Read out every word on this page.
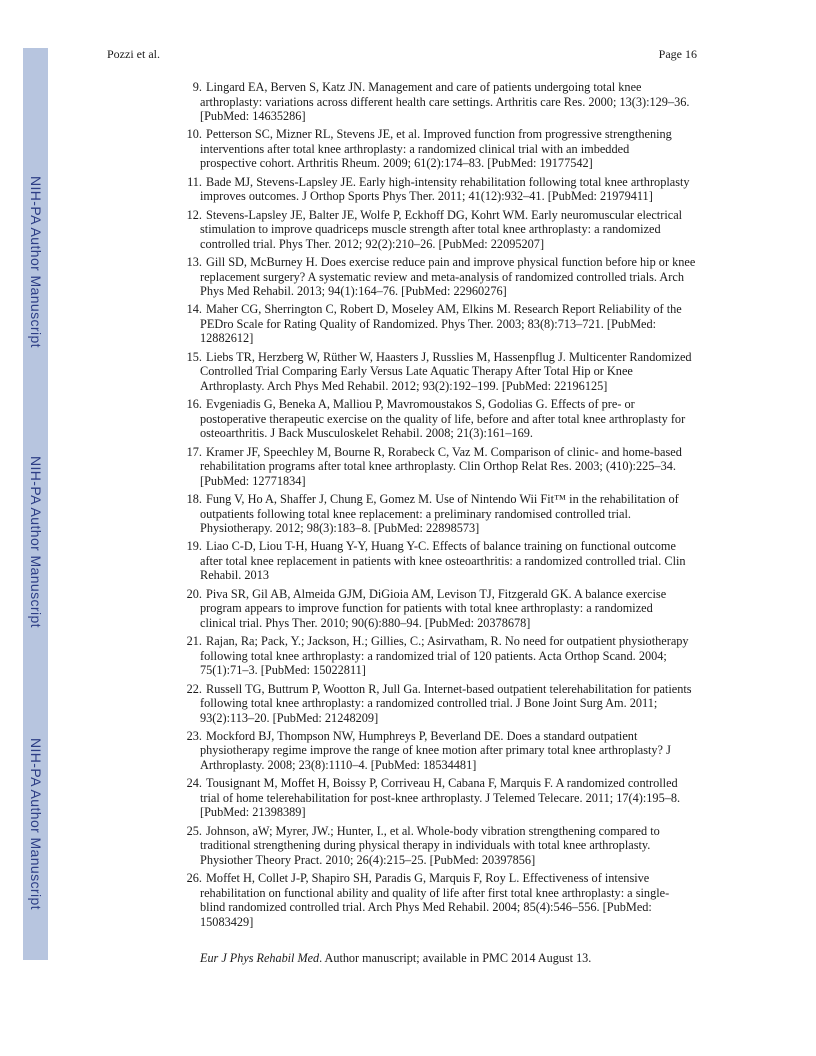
NIH-PA Author Manuscript
NIH-PA Author Manuscript
NIH-PA Author Manuscript
Pozzi et al.	Page 16
9. Lingard EA, Berven S, Katz JN. Management and care of patients undergoing total knee
arthroplasty: variations across different health care settings. Arthritis care Res. 2000; 13(3):129–36.
[PubMed: 14635286]
10. Petterson SC, Mizner RL, Stevens JE, et al. Improved function from progressive strengthening
interventions after total knee arthroplasty: a randomized clinical trial with an imbedded
prospective cohort. Arthritis Rheum. 2009; 61(2):174–83. [PubMed: 19177542]
11. Bade MJ, Stevens-Lapsley JE. Early high-intensity rehabilitation following total knee arthroplasty
improves outcomes. J Orthop Sports Phys Ther. 2011; 41(12):932–41. [PubMed: 21979411]
12. Stevens-Lapsley JE, Balter JE, Wolfe P, Eckhoff DG, Kohrt WM. Early neuromuscular electrical
stimulation to improve quadriceps muscle strength after total knee arthroplasty: a randomized
controlled trial. Phys Ther. 2012; 92(2):210–26. [PubMed: 22095207]
13. Gill SD, McBurney H. Does exercise reduce pain and improve physical function before hip or knee
replacement surgery? A systematic review and meta-analysis of randomized controlled trials. Arch
Phys Med Rehabil. 2013; 94(1):164–76. [PubMed: 22960276]
14. Maher CG, Sherrington C, Robert D, Moseley AM, Elkins M. Research Report Reliability of the
PEDro Scale for Rating Quality of Randomized. Phys Ther. 2003; 83(8):713–721. [PubMed:
12882612]
15. Liebs TR, Herzberg W, Rüther W, Haasters J, Russlies M, Hassenpflug J. Multicenter Randomized
Controlled Trial Comparing Early Versus Late Aquatic Therapy After Total Hip or Knee
Arthroplasty. Arch Phys Med Rehabil. 2012; 93(2):192–199. [PubMed: 22196125]
16. Evgeniadis G, Beneka A, Malliou P, Mavromoustakos S, Godolias G. Effects of pre- or
postoperative therapeutic exercise on the quality of life, before and after total knee arthroplasty for
osteoarthritis. J Back Musculoskelet Rehabil. 2008; 21(3):161–169.
17. Kramer JF, Speechley M, Bourne R, Rorabeck C, Vaz M. Comparison of clinic- and home-based
rehabilitation programs after total knee arthroplasty. Clin Orthop Relat Res. 2003; (410):225–34.
[PubMed: 12771834]
18. Fung V, Ho A, Shaffer J, Chung E, Gomez M. Use of Nintendo Wii Fit™ in the rehabilitation of
outpatients following total knee replacement: a preliminary randomised controlled trial.
Physiotherapy. 2012; 98(3):183–8. [PubMed: 22898573]
19. Liao C-D, Liou T-H, Huang Y-Y, Huang Y-C. Effects of balance training on functional outcome
after total knee replacement in patients with knee osteoarthritis: a randomized controlled trial. Clin
Rehabil. 2013
20. Piva SR, Gil AB, Almeida GJM, DiGioia AM, Levison TJ, Fitzgerald GK. A balance exercise
program appears to improve function for patients with total knee arthroplasty: a randomized
clinical trial. Phys Ther. 2010; 90(6):880–94. [PubMed: 20378678]
21. Rajan, Ra; Pack, Y.; Jackson, H.; Gillies, C.; Asirvatham, R. No need for outpatient physiotherapy
following total knee arthroplasty: a randomized trial of 120 patients. Acta Orthop Scand. 2004;
75(1):71–3. [PubMed: 15022811]
22. Russell TG, Buttrum P, Wootton R, Jull Ga. Internet-based outpatient telerehabilitation for patients
following total knee arthroplasty: a randomized controlled trial. J Bone Joint Surg Am. 2011;
93(2):113–20. [PubMed: 21248209]
23. Mockford BJ, Thompson NW, Humphreys P, Beverland DE. Does a standard outpatient
physiotherapy regime improve the range of knee motion after primary total knee arthroplasty? J
Arthroplasty. 2008; 23(8):1110–4. [PubMed: 18534481]
24. Tousignant M, Moffet H, Boissy P, Corriveau H, Cabana F, Marquis F. A randomized controlled
trial of home telerehabilitation for post-knee arthroplasty. J Telemed Telecare. 2011; 17(4):195–8.
[PubMed: 21398389]
25. Johnson, aW; Myrer, JW.; Hunter, I., et al. Whole-body vibration strengthening compared to
traditional strengthening during physical therapy in individuals with total knee arthroplasty.
Physiother Theory Pract. 2010; 26(4):215–25. [PubMed: 20397856]
26. Moffet H, Collet J-P, Shapiro SH, Paradis G, Marquis F, Roy L. Effectiveness of intensive
rehabilitation on functional ability and quality of life after first total knee arthroplasty: a single-
blind randomized controlled trial. Arch Phys Med Rehabil. 2004; 85(4):546–556. [PubMed:
15083429]
Eur J Phys Rehabil Med. Author manuscript; available in PMC 2014 August 13.
